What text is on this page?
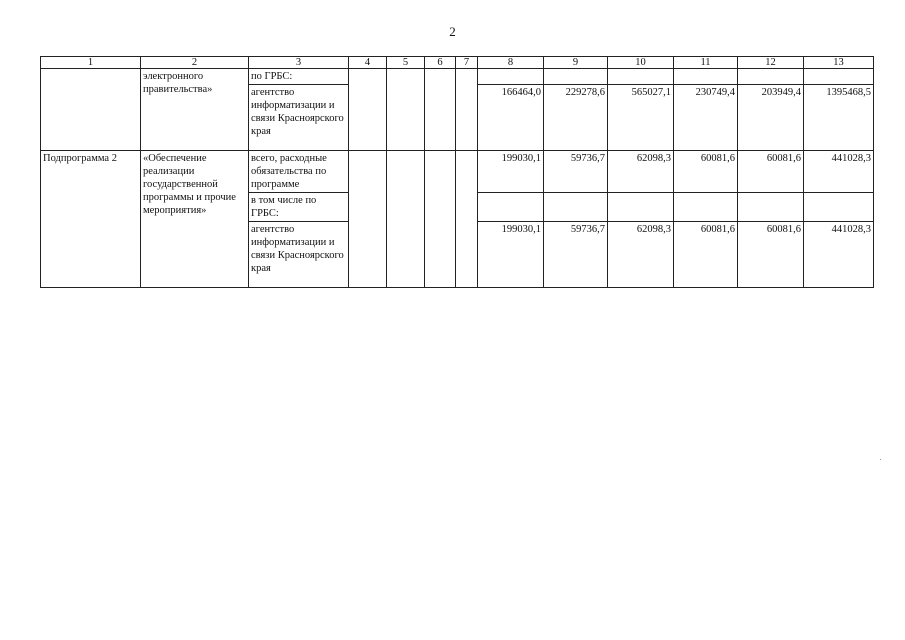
2
1	2	3	4	5	6	7	8	9	10	11	12	13
	электронного правительства»	по ГРБС:										
		агентство информатизации и связи Красноярского края					166464,0	229278,6	565027,1	230749,4	203949,4	1395468,5
Подпрограмма 2	«Обеспечение реализации государственной программы и прочие мероприятия»	всего, расходные обязательства по программе					199030,1	59736,7	62098,3	60081,6	60081,6	441028,3
		в том числе по ГРБС:										
		агентство информатизации и связи Красноярского края					199030,1	59736,7	62098,3	60081,6	60081,6	441028,3
